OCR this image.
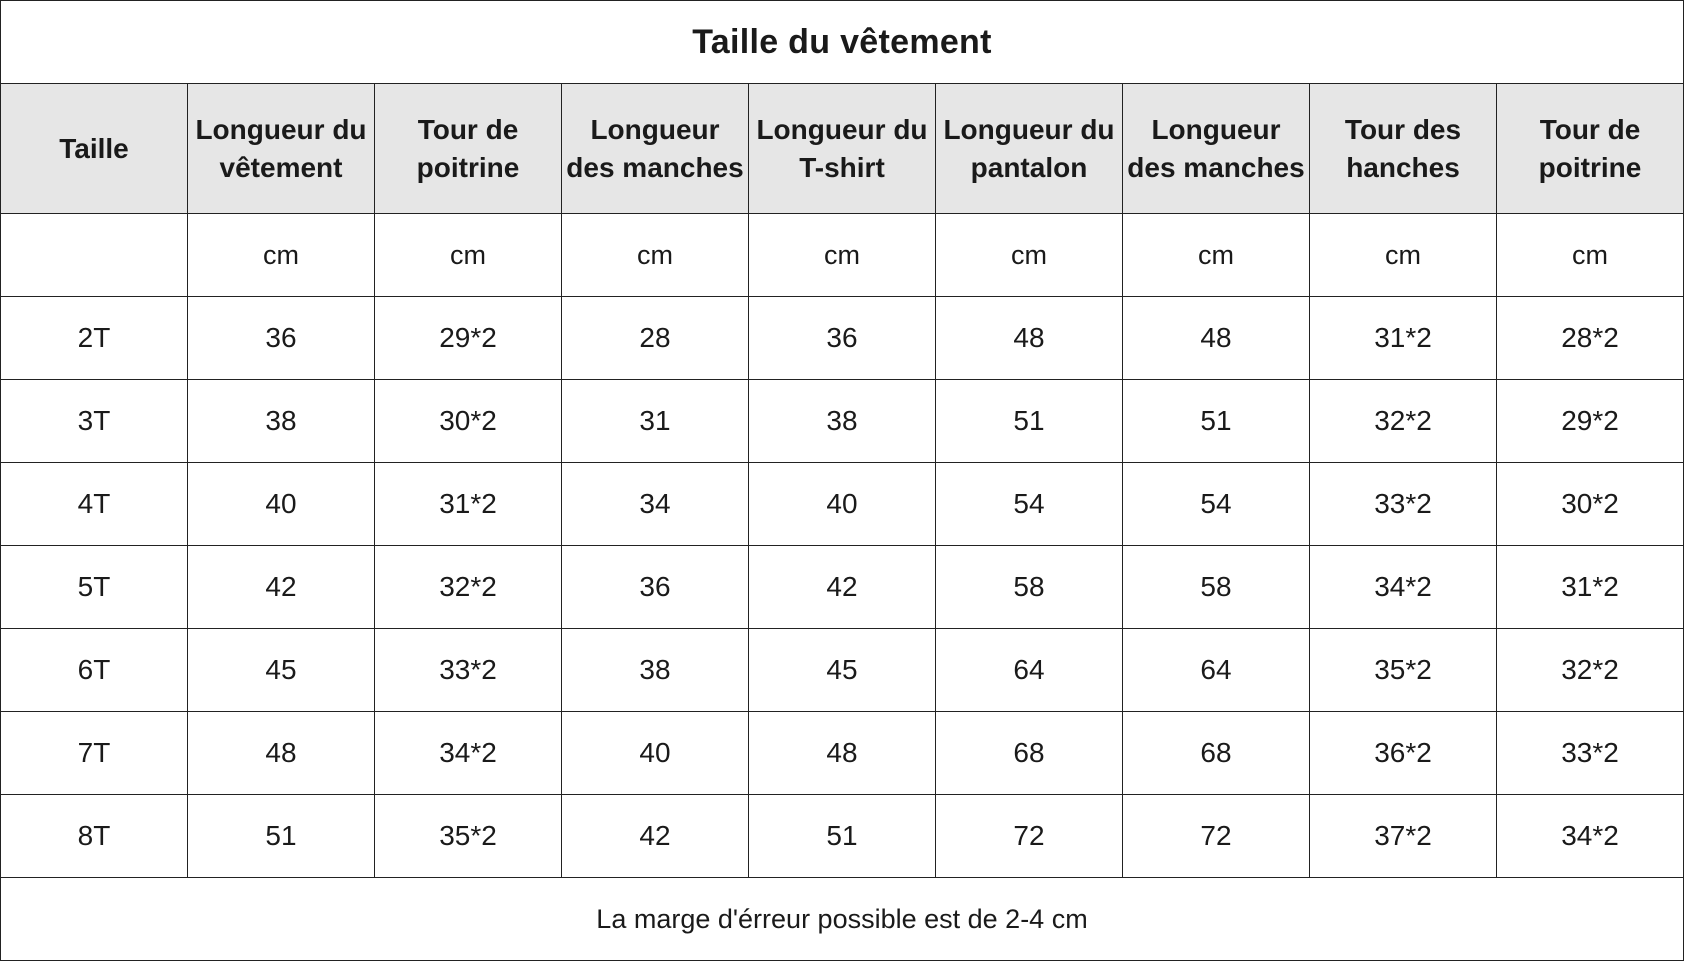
Taille du vêtement								

Taille	Longueur du vêtement	Tour de poitrine	Longueur des manches	Longueur du T-shirt	Longueur du pantalon	Longueur des manches	Tour des hanches	Tour de poitrine

	cm	cm	cm	cm	cm	cm	cm	cm
2T	36	29*2	28	36	48	48	31*2	28*2
3T	38	30*2	31	38	51	51	32*2	29*2
4T	40	31*2	34	40	54	54	33*2	30*2
5T	42	32*2	36	42	58	58	34*2	31*2
6T	45	33*2	38	45	64	64	35*2	32*2
7T	48	34*2	40	48	68	68	36*2	33*2
8T	51	35*2	42	51	72	72	37*2	34*2
La marge d'érreur possible est de 2-4 cm								
